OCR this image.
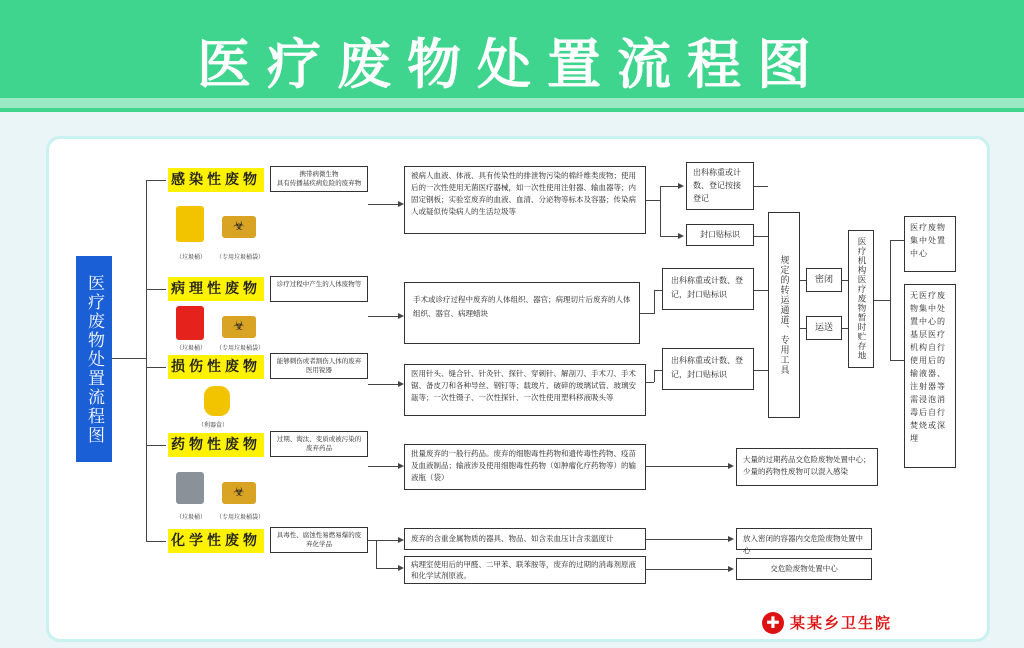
医疗废物处置流程图
医疗废物处置流程图
感染性废物
病理性废物
损伤性废物
药物性废物
化学性废物
☣
（垃圾桶） （专用垃圾桶袋）
☣
（垃圾桶） （专用垃圾桶袋）
（利器盒）
☣
（垃圾桶） （专用垃圾桶袋）
携带病微生物
具有传播基疾病危险的废弃物
诊疗过程中产生的人体废物等
能够刺伤或者割伤人体的废弃医用锐器
过期、淘汰、变质或被污染的废弃药品
具毒性、腐蚀性易燃易爆的废弃化学品
被病人血液、体液、具有传染性的排泄物污染的棉纤维类废物；使用后的一次性使用无菌医疗器械，如一次性使用注射器、输血器等；内固定钢板；实验室废弃的血液、血清、分泌物等标本及容器；传染病人或疑似传染病人的生活垃圾等
手术或诊疗过程中废弃的人体组织、器官；病理切片后废弃的人体组织、器官、病理蜡块
医用针头、缝合针、针灸针、探针、穿刺针、解剖刀、手术刀、手术锯、备皮刀和各种导丝、钢钉等；载玻片、破碎的玻璃试管、玻璃安瓿等；一次性镊子、一次性探针、一次性使用塑料移液吸头等
批量废弃的一般行药品。废弃的细胞毒性药物和遗传毒性药物、疫苗及血液制品；输液涉及使用细胞毒性药物（如肿瘤化疗药物等）的输液瓶（袋）
废弃的含重金属物质的器具、物品、如含汞血压计含汞温度计
病理室使用后的甲醛、二甲苯、联苯胺等，废弃的过期的消毒剂原液和化学试剂原液。
出科称重或计数、登记按接登记
封口贴标识
出科称重或计数、登记，封口贴标识
出科称重或计数、登记，封口贴标识	规定的转运通道、专用工具	密闭
运送	医疗机构医疗废物暂时贮存地
医疗废物集中处置中心
无医疗废物集中处置中心的基层医疗机构自行使用后的输液器、注射器等需浸泡消毒后自行焚烧或深埋
大量的过期药品交危险废物处置中心；少量的药物性废物可以混入感染
放入密闭的容器内交危险废物处置中心
交危险废物处置中心
✚ 某某乡卫生院
